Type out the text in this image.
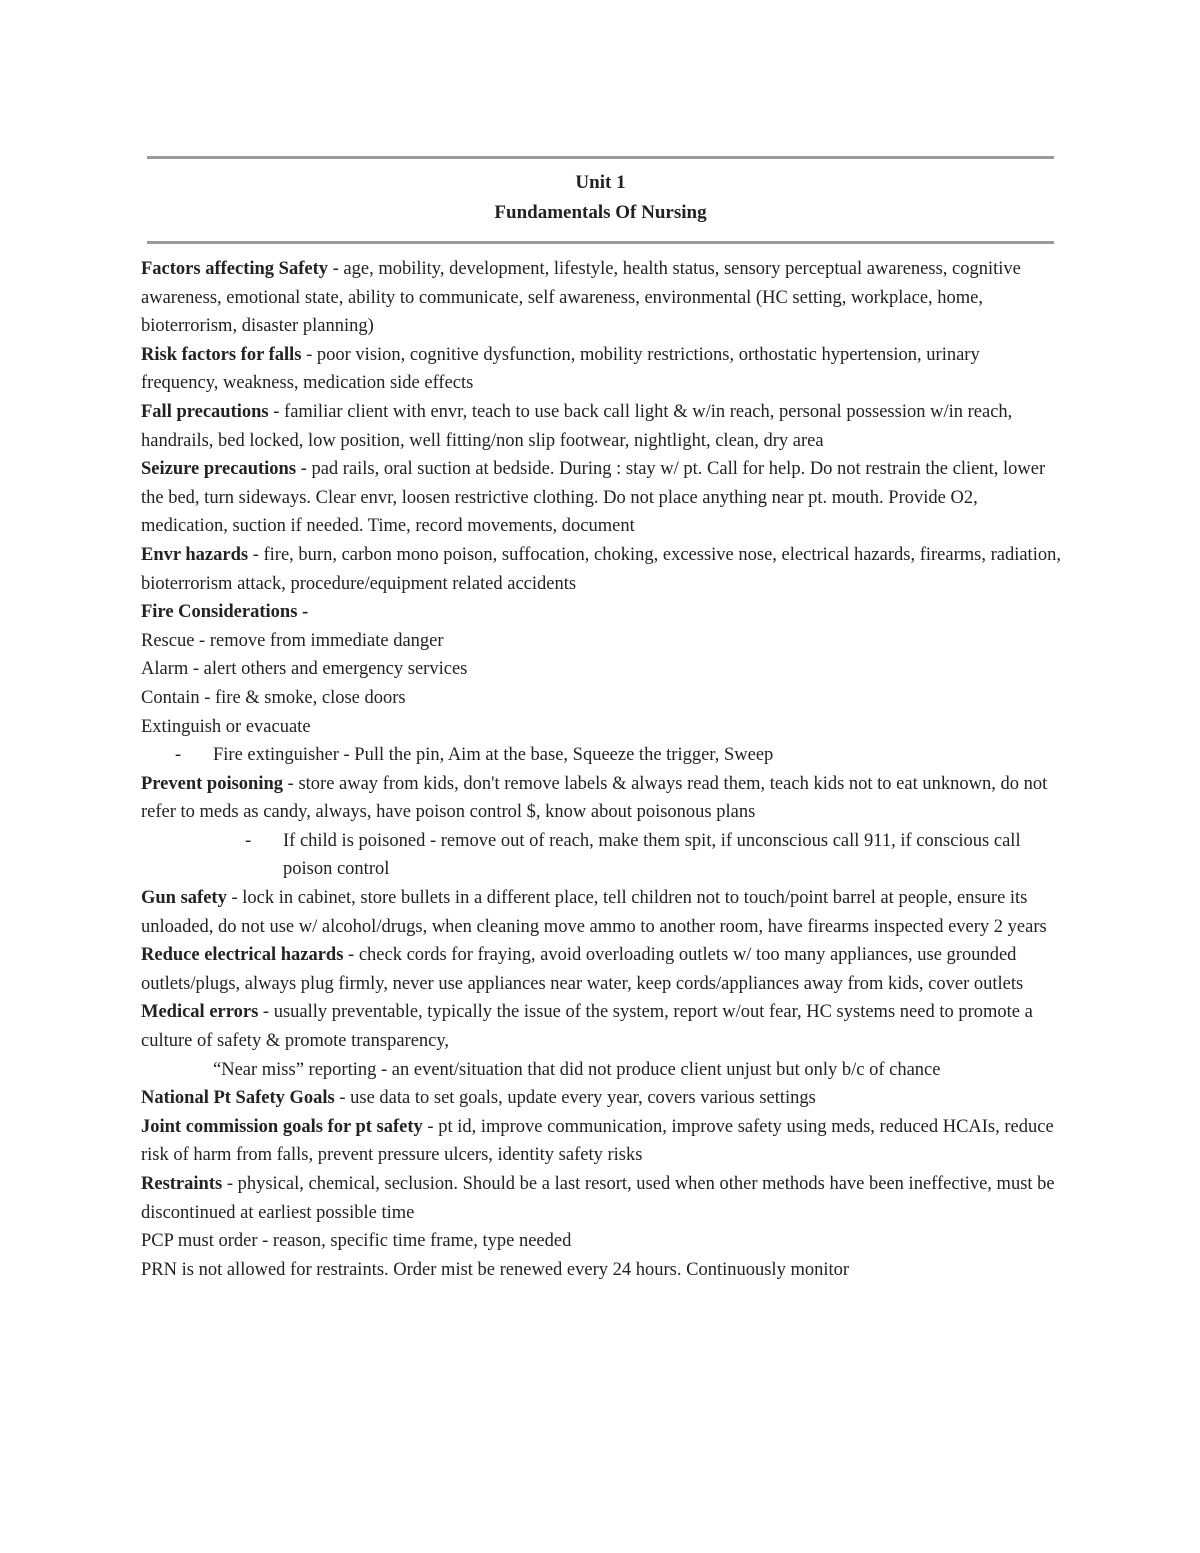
Unit 1
Fundamentals Of Nursing

Factors affecting Safety - age, mobility, development, lifestyle, health status, sensory perceptual awareness, cognitive awareness, emotional state, ability to communicate, self awareness, environmental (HC setting, workplace, home, bioterrorism, disaster planning)

Risk factors for falls - poor vision, cognitive dysfunction, mobility restrictions, orthostatic hypertension, urinary frequency, weakness, medication side effects

Fall precautions - familiar client with envr, teach to use back call light & w/in reach, personal possession w/in reach, handrails, bed locked, low position, well fitting/non slip footwear, nightlight, clean, dry area

Seizure precautions - pad rails, oral suction at bedside. During : stay w/ pt. Call for help. Do not restrain the client, lower the bed, turn sideways. Clear envr, loosen restrictive clothing. Do not place anything near pt. mouth. Provide O2, medication, suction if needed. Time, record movements, document

Envr hazards - fire, burn, carbon mono poison, suffocation, choking, excessive nose, electrical hazards, firearms, radiation, bioterrorism attack, procedure/equipment related accidents

Fire Considerations -

Rescue - remove from immediate danger

Alarm - alert others and emergency services

Contain - fire & smoke, close doors

Extinguish or evacuate

- Fire extinguisher - Pull the pin, Aim at the base, Squeeze the trigger, Sweep

Prevent poisoning - store away from kids, don't remove labels & always read them, teach kids not to eat unknown, do not refer to meds as candy, always, have poison control $, know about poisonous plans

- If child is poisoned - remove out of reach, make them spit, if unconscious call 911, if conscious call poison control

Gun safety - lock in cabinet, store bullets in a different place, tell children not to touch/point barrel at people, ensure its unloaded, do not use w/ alcohol/drugs, when cleaning move ammo to another room, have firearms inspected every 2 years

Reduce electrical hazards - check cords for fraying, avoid overloading outlets w/ too many appliances, use grounded outlets/plugs, always plug firmly, never use appliances near water, keep cords/appliances away from kids, cover outlets

Medical errors - usually preventable, typically the issue of the system, report w/out fear, HC systems need to promote a culture of safety & promote transparency,

“Near miss” reporting - an event/situation that did not produce client unjust but only b/c of chance

National Pt Safety Goals - use data to set goals, update every year, covers various settings

Joint commission goals for pt safety - pt id, improve communication, improve safety using meds, reduced HCAIs, reduce risk of harm from falls, prevent pressure ulcers, identity safety risks

Restraints - physical, chemical, seclusion. Should be a last resort, used when other methods have been ineffective, must be discontinued at earliest possible time

PCP must order - reason, specific time frame, type needed

PRN is not allowed for restraints. Order mist be renewed every 24 hours. Continuously monitor
